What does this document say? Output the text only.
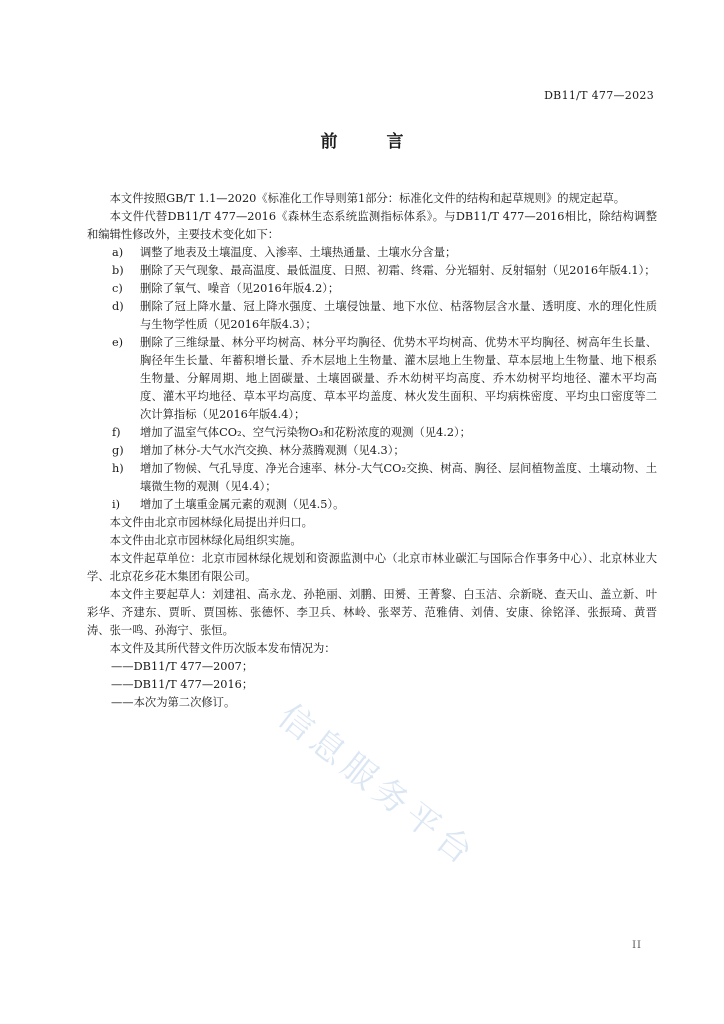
DB11/T 477—2023
前　言

本文件按照GB/T 1.1—2020《标准化工作导则第1部分：标准化文件的结构和起草规则》的规定起草。

本文件代替DB11/T 477—2016《森林生态系统监测指标体系》。与DB11/T 477—2016相比，除结构调整和编辑性修改外，主要技术变化如下：

a) 调整了地表及土壤温度、入渗率、土壤热通量、土壤水分含量；

b) 删除了天气现象、最高温度、最低温度、日照、初霜、终霜、分光辐射、反射辐射（见2016年版4.1）；

c) 删除了氧气、噪音（见2016年版4.2）；

d) 删除了冠上降水量、冠上降水强度、土壤侵蚀量、地下水位、枯落物层含水量、透明度、水的理化性质与生物学性质（见2016年版4.3）；

e) 删除了三维绿量、林分平均树高、林分平均胸径、优势木平均树高、优势木平均胸径、树高年生长量、胸径年生长量、年蓄积增长量、乔木层地上生物量、灌木层地上生物量、草本层地上生物量、地下根系生物量、分解周期、地上固碳量、土壤固碳量、乔木幼树平均高度、乔木幼树平均地径、灌木平均高度、灌木平均地径、草本平均高度、草本平均盖度、林火发生面积、平均病株密度、平均虫口密度等二次计算指标（见2016年版4.4）；

f) 增加了温室气体CO₂、空气污染物O₃和花粉浓度的观测（见4.2）；

g) 增加了林分-大气水汽交换、林分蒸腾观测（见4.3）；

h) 增加了物候、气孔导度、净光合速率、林分-大气CO₂交换、树高、胸径、层间植物盖度、土壤动物、土壤微生物的观测（见4.4）；

i) 增加了土壤重金属元素的观测（见4.5）。

本文件由北京市园林绿化局提出并归口。

本文件由北京市园林绿化局组织实施。

本文件起草单位：北京市园林绿化规划和资源监测中心（北京市林业碳汇与国际合作事务中心）、北京林业大学、北京花乡花木集团有限公司。

本文件主要起草人：刘建祖、高永龙、孙艳丽、刘鹏、田赟、王菁黎、白玉洁、佘新晓、查天山、盖立新、叶彩华、齐建东、贾昕、贾国栋、张德怀、李卫兵、林岭、张翠芳、范雅倩、刘倩、安康、徐铭泽、张振琦、黄晋涛、张一鸣、孙海宁、张恒。

本文件及其所代替文件历次版本发布情况为：

——DB11/T 477—2007；

——DB11/T 477—2016；

——本次为第二次修订。	信息服务平台
II
